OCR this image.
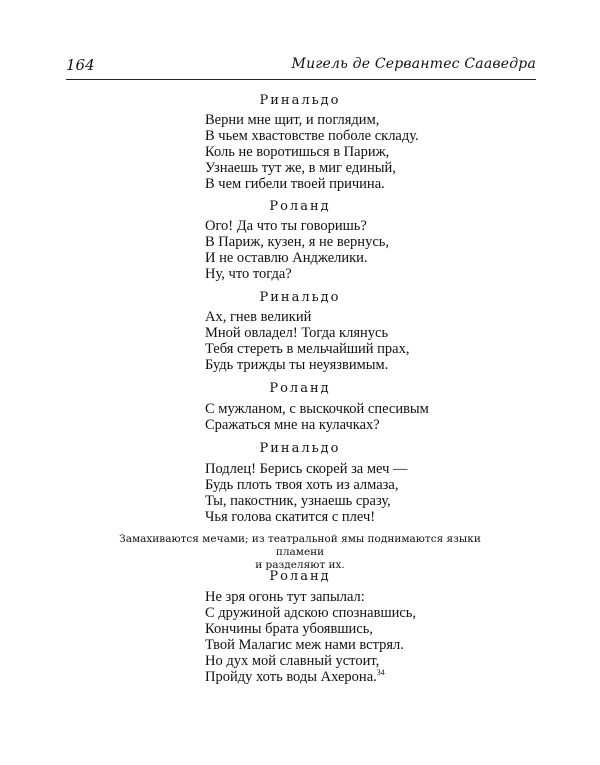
164	Мигель де Сервантес Сааведра
Ринальдо
Верни мне щит, и поглядим,
В чьем хвастовстве поболе складу.
Коль не воротишься в Париж,
Узнаешь тут же, в миг единый,
В чем гибели твоей причина.
Роланд
Ого! Да что ты говоришь?
В Париж, кузен, я не вернусь,
И не оставлю Анджелики.
Ну, что тогда?
Ринальдо
Ах, гнев великий
Мной овладел! Тогда клянусь
Тебя стереть в мельчайший прах,
Будь трижды ты неуязвимым.
Роланд
С мужланом, с выскочкой спесивым
Сражаться мне на кулачках?
Ринальдо
Подлец! Берись скорей за меч —
Будь плоть твоя хоть из алмаза,
Ты, пакостник, узнаешь сразу,
Чья голова скатится с плеч!
Замахиваются мечами; из театральной ямы поднимаются языки пламени
и разделяют их.
Роланд
Не зря огонь тут запылал:
С дружиной адскою спознавшись,
Кончины брата убоявшись,
Твой Малагис меж нами встрял.
Но дух мой славный устоит,
Пройду хоть воды Ахерона.$^{34}$
